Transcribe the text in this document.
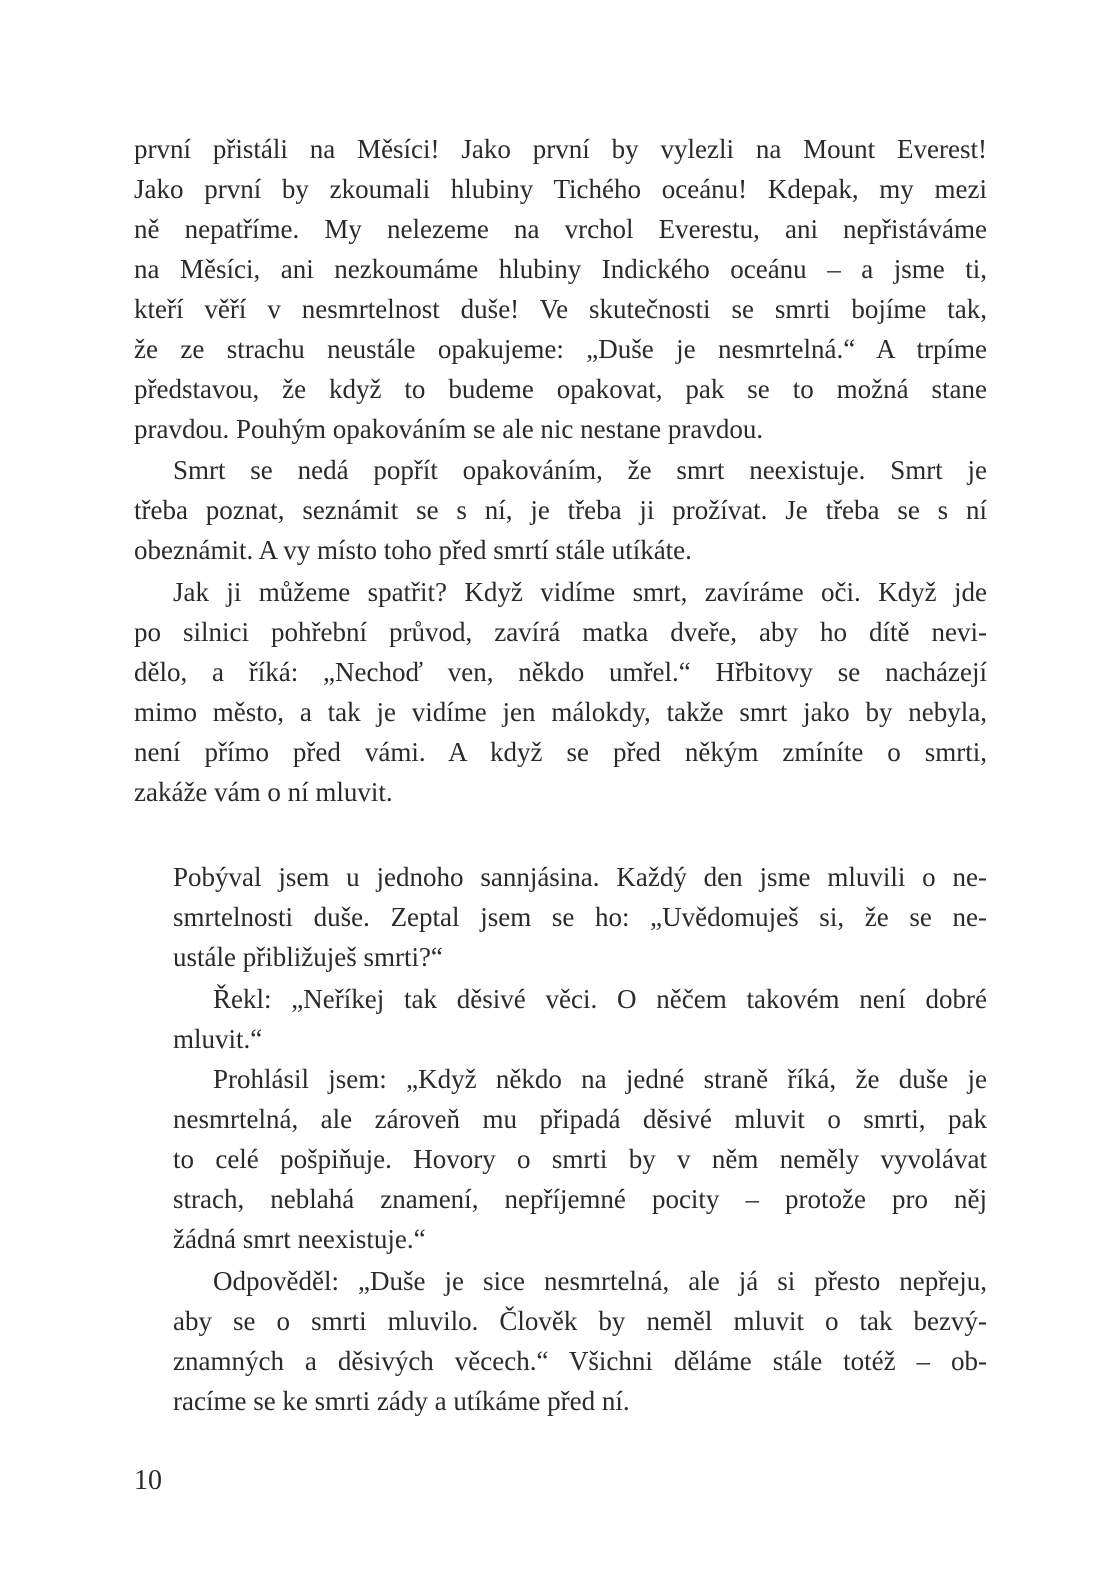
první přistáli na Měsíci! Jako první by vylezli na Mount Everest!
Jako první by zkoumali hlubiny Tichého oceánu! Kdepak, my mezi
ně nepatříme. My nelezeme na vrchol Everestu, ani nepřistáváme
na Měsíci, ani nezkoumáme hlubiny Indického oceánu – a jsme ti,
kteří věří v nesmrtelnost duše! Ve skutečnosti se smrti bojíme tak,
že ze strachu neustále opakujeme: „Duše je nesmrtelná.“ A trpíme
představou, že když to budeme opakovat, pak se to možná stane
pravdou. Pouhým opakováním se ale nic nestane pravdou.
Smrt se nedá popřít opakováním, že smrt neexistuje. Smrt je
třeba poznat, seznámit se s ní, je třeba ji prožívat. Je třeba se s ní
obeznámit. A vy místo toho před smrtí stále utíkáte.
Jak ji můžeme spatřit? Když vidíme smrt, zavíráme oči. Když jde
po silnici pohřební průvod, zavírá matka dveře, aby ho dítě nevi-
dělo, a říká: „Nechoď ven, někdo umřel.“ Hřbitovy se nacházejí
mimo město, a tak je vidíme jen málokdy, takže smrt jako by nebyla,
není přímo před vámi. A když se před někým zmíníte o smrti,
zakáže vám o ní mluvit.
Pobýval jsem u jednoho sannjásina. Každý den jsme mluvili o ne-
smrtelnosti duše. Zeptal jsem se ho: „Uvědomuješ si, že se ne-
ustále přibližuješ smrti?“
Řekl: „Neříkej tak děsivé věci. O něčem takovém není dobré
mluvit.“
Prohlásil jsem: „Když někdo na jedné straně říká, že duše je
nesmrtelná, ale zároveň mu připadá děsivé mluvit o smrti, pak
to celé pošpiňuje. Hovory o smrti by v něm neměly vyvolávat
strach, neblahá znamení, nepříjemné pocity – protože pro něj
žádná smrt neexistuje.“
Odpověděl: „Duše je sice nesmrtelná, ale já si přesto nepřeju,
aby se o smrti mluvilo. Člověk by neměl mluvit o tak bezvý-
znamných a děsivých věcech.“ Všichni děláme stále totéž – ob-
racíme se ke smrti zády a utíkáme před ní.
10
